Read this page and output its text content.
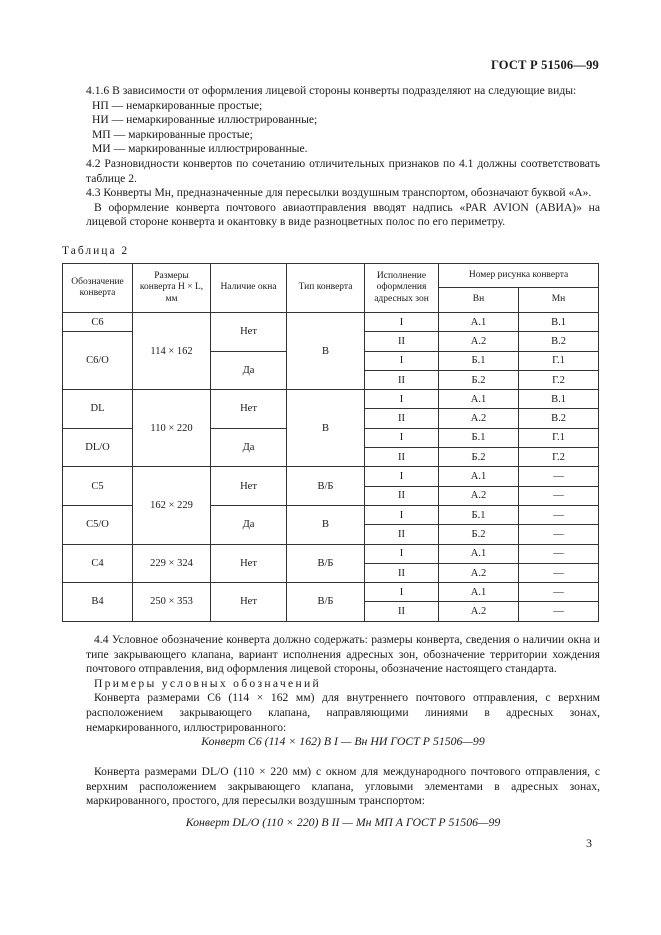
ГОСТ Р 51506—99

4.1.6 В зависимости от оформления лицевой стороны конверты подразделяют на следующие виды:

НП — немаркированные простые;

НИ — немаркированные иллюстрированные;

МП — маркированные простые;

МИ — маркированные иллюстрированные.

4.2 Разновидности конвертов по сочетанию отличительных признаков по 4.1 должны соответствовать таблице 2.

4.3 Конверты Мн, предназначенные для пересылки воздушным транспортом, обозначают буквой «А».

В оформление конверта почтового авиаотправления вводят надпись «PAR AVION (АВИА)» на лицевой стороне конверта и окантовку в виде разноцветных полос по его периметру.

Таблица 2
Обозначение конверта	Размеры
конверта H × L,
мм	Наличие окна	Тип конверта	Исполнение оформления адресных зон	Номер рисунка конверта	
					Вн	Мн
С6	114 × 162	Нет	В	I	А.1	В.1
С6/О				II	А.2	В.2
		Да		I	Б.1	Г.1
				II	Б.2	Г.2
DL	110 × 220	Нет	В	I	А.1	В.1
				II	А.2	В.2
DL/O		Да		I	Б.1	Г.1
				II	Б.2	Г.2
С5	162 × 229	Нет	В/Б	I	А.1	—
				II	А.2	—
С5/О		Да	В	I	Б.1	—
				II	Б.2	—
С4	229 × 324	Нет	В/Б	I	А.1	—
				II	А.2	—
В4	250 × 353	Нет	В/Б	I	А.1	—
				II	А.2	—

4.4 Условное обозначение конверта должно содержать: размеры конверта, сведения о наличии окна и типе закрывающего клапана, вариант исполнения адресных зон, обозначение территории хождения почтового отправления, вид оформления лицевой стороны, обозначение настоящего стандарта.

Примеры условных обозначений

Конверта размерами С6 (114 × 162 мм) для внутреннего почтового отправления, с верхним расположением закрывающего клапана, направляющими линиями в адресных зонах, немаркированного, иллюстрированного:

Конверт С6 (114 × 162) В I — Вн НИ ГОСТ Р 51506—99

Конверта размерами DL/O (110 × 220 мм) с окном для международного почтового отправления, с верхним расположением закрывающего клапана, угловыми элементами в адресных зонах, маркированного, простого, для пересылки воздушным транспортом:

Конверт DL/O (110 × 220) В II — Мн МП А ГОСТ Р 51506—99
3
